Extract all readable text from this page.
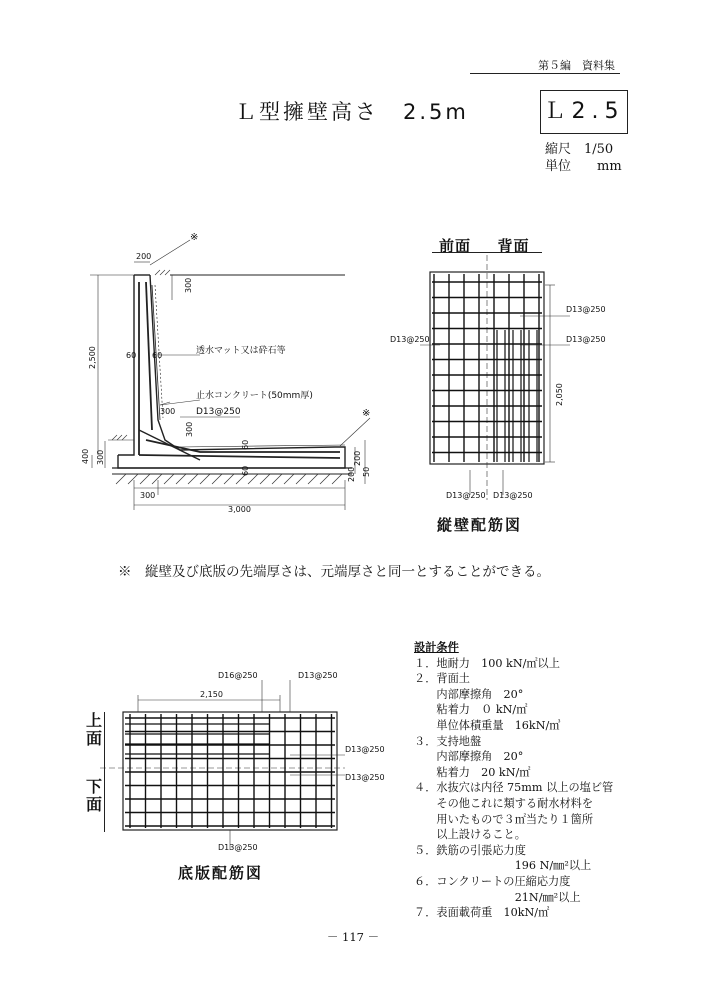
第５編　資料集
Ｌ型擁壁高さ　2.5m	Ｌ2.5
縮尺　1/50
単位　　mm
200
300
2,500	60 60
300
300
400 300
300
200
200 50
3,000
60
60
透水マット又は砕石等
止水コンクリート(50mm厚)
D13@250
※
※
D13@250
D13@250	D13@250
D13@250 D13@250
2,050
前面 背面
縦壁配筋図
※　縦壁及び底版の先端厚さは、元端厚さと同一とすることができる。
D16@250	D13@250
D13@250
D13@250
D13@250
2,150
上面
下面
底版配筋図
設計条件
１．地耐力　100 kN/㎡以上
２．背面土
　　内部摩擦角　20°
　　粘着力　０ kN/㎡
　　単位体積重量　16kN/㎥
３．支持地盤
　　内部摩擦角　20°
　　粘着力　20 kN/㎡
４．水抜穴は内径 75mm 以上の塩ビ管
　　その他これに類する耐水材料を
　　用いたもので３㎡当たり１箇所
　　以上設けること。
５．鉄筋の引張応力度
　　　　　　　　　196 N/㎜²以上
６．コンクリートの圧縮応力度
　　　　　　　　　21N/㎜²以上
７．表面載荷重　10kN/㎡
－ 117 －
